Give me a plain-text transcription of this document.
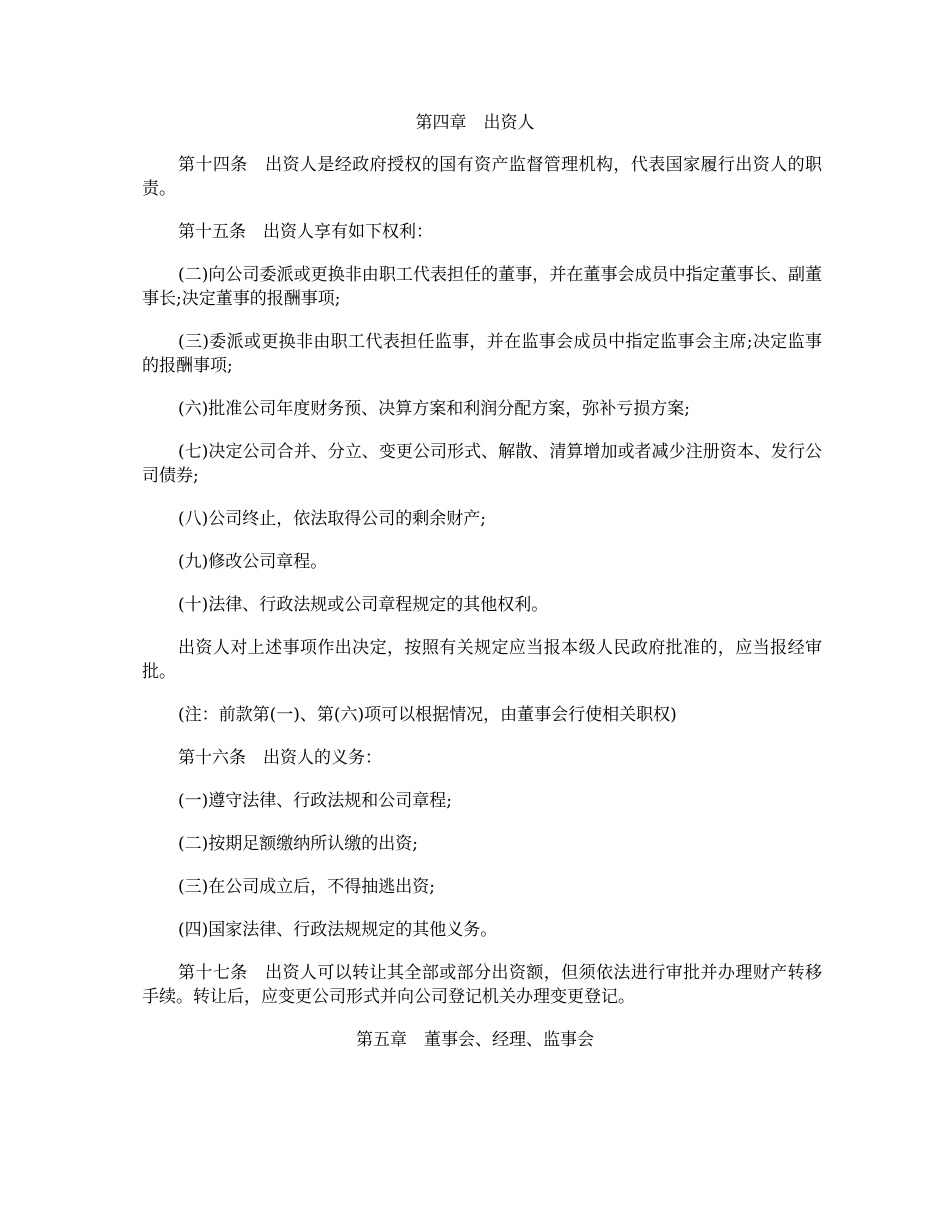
第四章　出资人
第十四条　出资人是经政府授权的国有资产监督管理机构，代表国家履行出资人的职责。
第十五条　出资人享有如下权利：
(二)向公司委派或更换非由职工代表担任的董事，并在董事会成员中指定董事长、副董事长;决定董事的报酬事项;
(三)委派或更换非由职工代表担任监事，并在监事会成员中指定监事会主席;决定监事的报酬事项;
(六)批准公司年度财务预、决算方案和利润分配方案，弥补亏损方案;
(七)决定公司合并、分立、变更公司形式、解散、清算增加或者减少注册资本、发行公司债券;
(八)公司终止，依法取得公司的剩余财产;
(九)修改公司章程。
(十)法律、行政法规或公司章程规定的其他权利。
出资人对上述事项作出决定，按照有关规定应当报本级人民政府批准的，应当报经审批。
(注：前款第(一)、第(六)项可以根据情况，由董事会行使相关职权)
第十六条　出资人的义务：
(一)遵守法律、行政法规和公司章程;
(二)按期足额缴纳所认缴的出资;
(三)在公司成立后，不得抽逃出资;
(四)国家法律、行政法规规定的其他义务。
第十七条　出资人可以转让其全部或部分出资额，但须依法进行审批并办理财产转移手续。转让后，应变更公司形式并向公司登记机关办理变更登记。
第五章　董事会、经理、监事会
